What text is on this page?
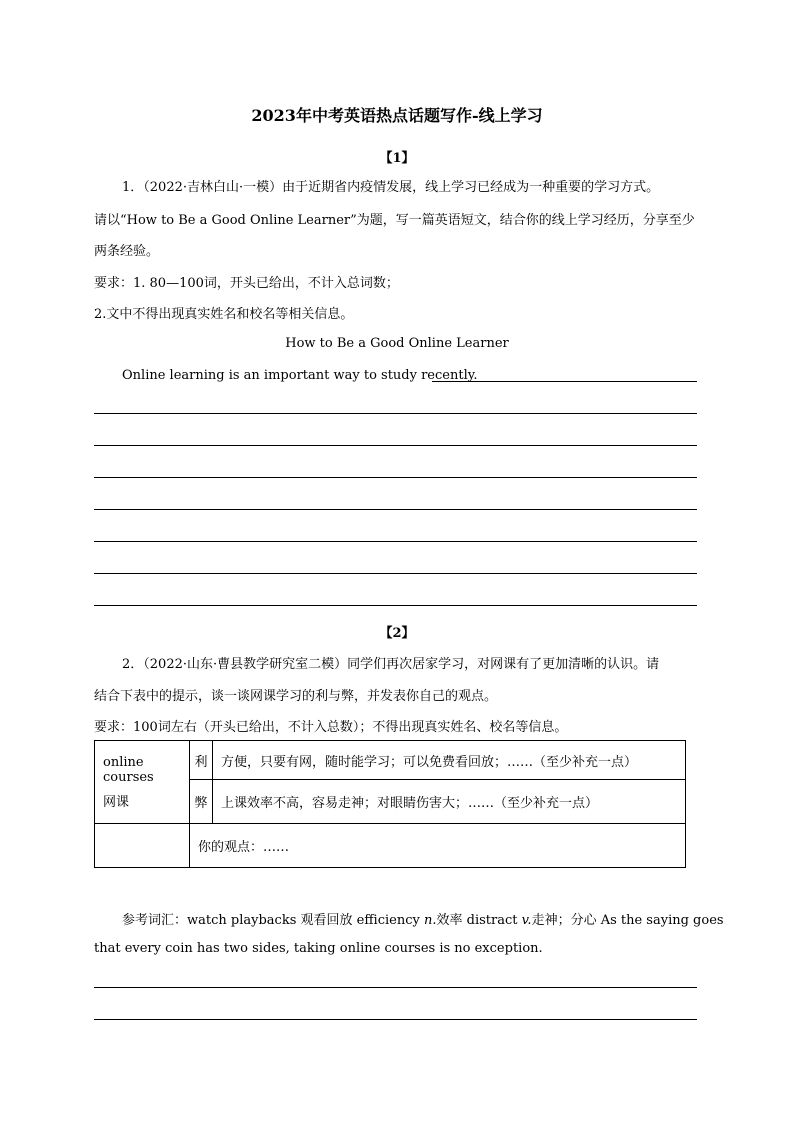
2023年中考英语热点话题写作-线上学习
【1】
1．（2022·吉林白山·一模）由于近期省内疫情发展，线上学习已经成为一种重要的学习方式。
请以“How to Be a Good Online Learner”为题，写一篇英语短文，结合你的线上学习经历，分享至少
两条经验。
要求：1. 80—100词，开头已给出，不计入总词数；
2.文中不得出现真实姓名和校名等相关信息。
How to Be a Good Online Learner
Online learning is an important way to study recently.
【2】
2．（2022·山东·曹县教学研究室二模）同学们再次居家学习，对网课有了更加清晰的认识。请
结合下表中的提示，谈一谈网课学习的利与弊，并发表你自己的观点。
要求：100词左右（开头已给出，不计入总数）；不得出现真实姓名、校名等信息。
online courses
网课	利	方便，只要有网，随时能学习；可以免费看回放；……（至少补充一点）
	弊	上课效率不高，容易走神；对眼睛伤害大；……（至少补充一点）
	你的观点：……	
参考词汇：watch playbacks 观看回放 efficiency n.效率 distract v.走神；分心 As the saying goes
that every coin has two sides, taking online courses is no exception.
